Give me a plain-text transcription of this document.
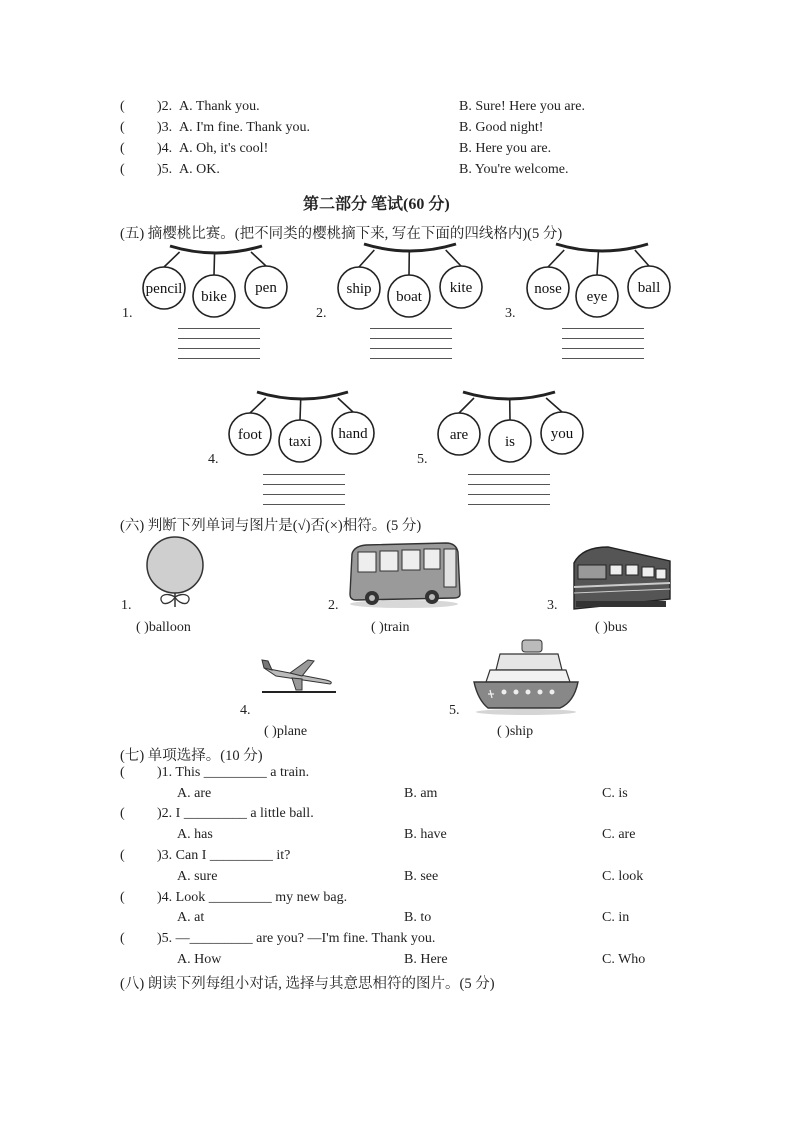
( )2. A. Thank you.	B. Sure! Here you are.
( )3. A. I'm fine. Thank you.	B. Good night!
( )4. A. Oh, it's cool!	B. Here you are.
( )5. A. OK.	B. You're welcome.
第二部分 笔试(60 分)
(五) 摘樱桃比赛。(把不同类的樱桃摘下来, 写在下面的四线格内)(5 分)
pencil bike
pen	ship boat
kite	nose eye
ball
foot taxi hand	are is you
1.	2.	3.
4.	5.
(六) 判断下列单词与图片是(√)否(×)相符。(5 分)
1.	2.	3.
4.	5.
( )balloon	( )train	( )bus
( )plane	( )ship
(七) 单项选择。(10 分)
( )1. This _________ a train.
A. are	B. am	C. is
( )2. I _________ a little ball.
A. has	B. have	C. are
( )3. Can I _________ it?
A. sure	B. see	C. look
( )4. Look _________ my new bag.
A. at	B. to	C. in
( )5. —_________ are you? —I'm fine. Thank you.
A. How	B. Here	C. Who
(八) 朗读下列每组小对话, 选择与其意思相符的图片。(5 分)
